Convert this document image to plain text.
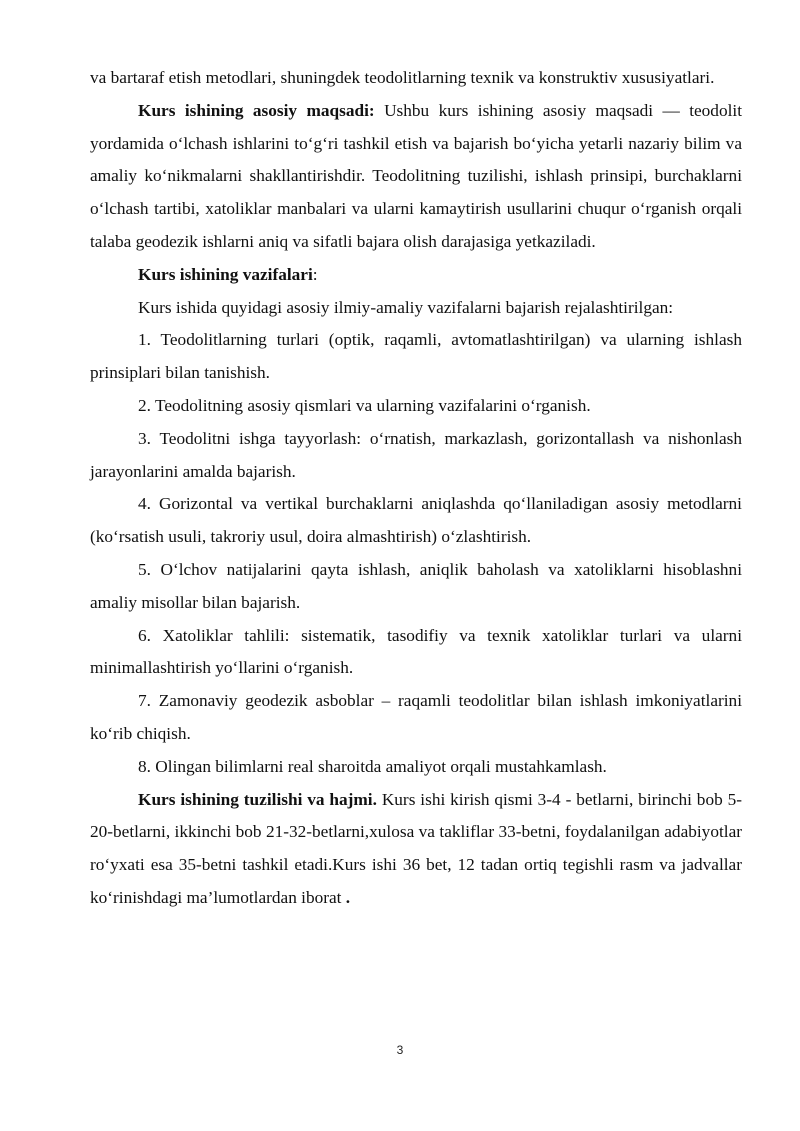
va bartaraf etish metodlari, shuningdek teodolitlarning texnik va konstruktiv xususiyatlari.

Kurs ishining asosiy maqsadi: Ushbu kurs ishining asosiy maqsadi — teodolit yordamida o‘lchash ishlarini to‘g‘ri tashkil etish va bajarish bo‘yicha yetarli nazariy bilim va amaliy ko‘nikmalarni shakllantirishdir. Teodolitning tuzilishi, ishlash prinsipi, burchaklarni o‘lchash tartibi, xatoliklar manbalari va ularni kamaytirish usullarini chuqur o‘rganish orqali talaba geodezik ishlarni aniq va sifatli bajara olish darajasiga yetkaziladi.

Kurs ishining vazifalari:

Kurs ishida quyidagi asosiy ilmiy-amaliy vazifalarni bajarish rejalashtirilgan:

1. Teodolitlarning turlari (optik, raqamli, avtomatlashtirilgan) va ularning ishlash prinsiplari bilan tanishish.

2. Teodolitning asosiy qismlari va ularning vazifalarini o‘rganish.

3. Teodolitni ishga tayyorlash: o‘rnatish, markazlash, gorizontallash va nishonlash jarayonlarini amalda bajarish.

4. Gorizontal va vertikal burchaklarni aniqlashda qo‘llaniladigan asosiy metodlarni (ko‘rsatish usuli, takroriy usul, doira almashtirish) o‘zlashtirish.

5. O‘lchov natijalarini qayta ishlash, aniqlik baholash va xatoliklarni hisoblashni amaliy misollar bilan bajarish.

6. Xatoliklar tahlili: sistematik, tasodifiy va texnik xatoliklar turlari va ularni minimallashtirish yo‘llarini o‘rganish.

7. Zamonaviy geodezik asboblar – raqamli teodolitlar bilan ishlash imkoniyatlarini ko‘rib chiqish.

8. Olingan bilimlarni real sharoitda amaliyot orqali mustahkamlash.

Kurs ishining tuzilishi va hajmi. Kurs ishi kirish qismi 3-4 - betlarni, birinchi bob 5-20-betlarni, ikkinchi bob 21-32-betlarni,xulosa va takliflar 33-betni, foydalanilgan adabiyotlar ro‘yxati esa 35-betni tashkil etadi.Kurs ishi 36 bet, 12 tadan ortiq tegishli rasm va jadvallar ko‘rinishdagi ma’lumotlardan iborat .

3
